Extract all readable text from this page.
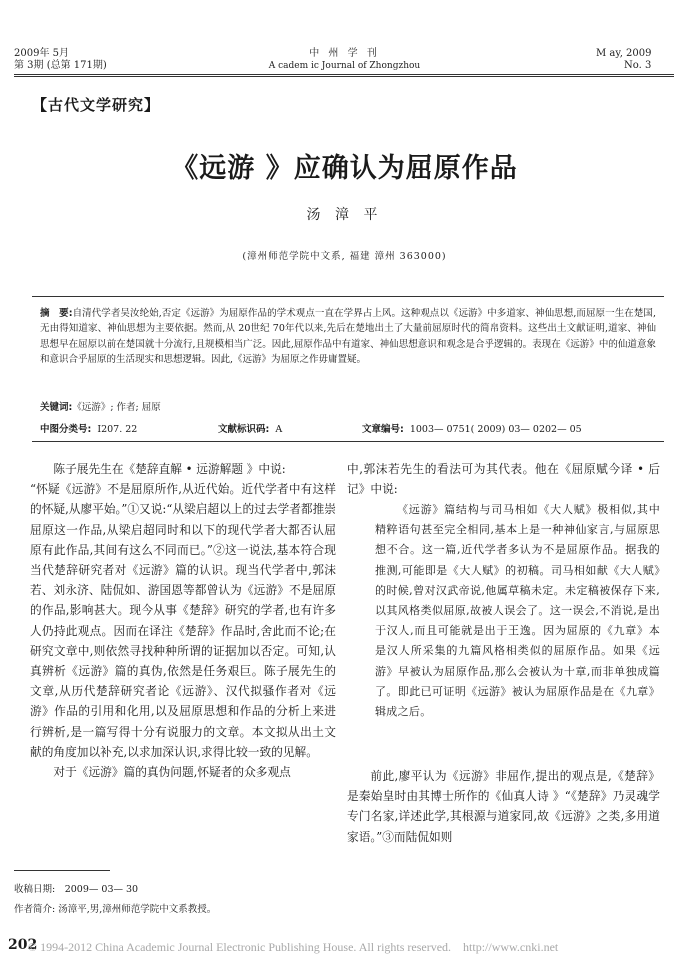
2009年 5月
第 3期 (总第 171期)
中 州 学 刊
A cadem ic Journal of Zhongzhou
M ay, 2009
No. 3
【古代文学研究】
《远游 》应确认为屈原作品
汤 漳 平
(漳州师范学院中文系, 福建 漳州 363000)
摘　要:自清代学者吴汝纶始,否定《远游》为屈原作品的学术观点一直在学界占上风。这种观点以《远游》中多道家、神仙思想,而屈原一生在楚国,无由得知道家、神仙思想为主要依据。然而,从 20世纪 70年代以来,先后在楚地出土了大量前屈原时代的简帛资料。这些出土文献证明,道家、神仙思想早在屈原以前在楚国就十分流行,且规模相当广泛。因此,屈原作品中有道家、神仙思想意识和观念是合乎逻辑的。表现在《远游》中的仙道意象和意识合乎屈原的生活现实和思想逻辑。因此,《远游》为屈原之作毋庸置疑。
关键词:《远游》; 作者; 屈原
中图分类号: I207. 22	文献标识码: A	文章编号: 1003— 0751( 2009) 03— 0202— 05

陈子展先生在《楚辞直解 • 远游解题 》中说:

“怀疑《远游》不是屈原所作,从近代始。近代学者中有这样的怀疑,从廖平始。”①又说:“从梁启超以上的过去学者都推崇屈原这一作品,从梁启超同时和以下的现代学者大都否认屈原有此作品,其间有这么不同而已。”②这一说法,基本符合现当代楚辞研究者对《远游》篇的认识。现当代学者中,郭沫若、刘永济、陆侃如、游国恩等都曾认为《远游》不是屈原的作品,影响甚大。现今从事《楚辞》研究的学者,也有许多人仍持此观点。因而在译注《楚辞》作品时,舍此而不论;在研究文章中,则依然寻找种种所谓的证据加以否定。可知,认真辨析《远游》篇的真伪,依然是任务艰巨。陈子展先生的文章,从历代楚辞研究者论《远游》、汉代拟骚作者对《远游》作品的引用和化用,以及屈原思想和作品的分析上来进行辨析,是一篇写得十分有说服力的文章。本文拟从出土文献的角度加以补充,以求加深认识,求得比较一致的见解。

对于《远游》篇的真伪问题,怀疑者的众多观点

中,郭沫若先生的看法可为其代表。他在《屈原赋今译 • 后记》中说:

《远游》篇结构与司马相如《大人赋》极相似,其中精粹语句甚至完全相同,基本上是一种神仙家言,与屈原思想不合。这一篇,近代学者多认为不是屈原作品。据我的推测,可能即是《大人赋》的初稿。司马相如献《大人赋》的时候,曾对汉武帝说,他属草稿未定。未定稿被保存下来,以其风格类似屈原,故被人误会了。这一误会,不消说,是出于汉人,而且可能就是出于王逸。因为屈原的《九章》本是汉人所采集的九篇风格相类似的屈原作品。如果《远游》早被认为屈原作品,那么会被认为十章,而非单独成篇了。即此已可证明《远游》被认为屈原作品是在《九章》辑成之后。

前此,廖平认为《远游》非屈作,提出的观点是,《楚辞》是秦始皇时由其博士所作的《仙真人诗 》“《楚辞》乃灵魂学专门名家,详述此学,其根源与道家同,故《远游》之类,多用道家语。”③而陆侃如则

收稿日期:　2009— 03— 30
作者简介: 汤漳平,男,漳州师范学院中文系教授。
202
© 1994-2012 China Academic Journal Electronic Publishing House. All rights reserved.　http://www.cnki.net
